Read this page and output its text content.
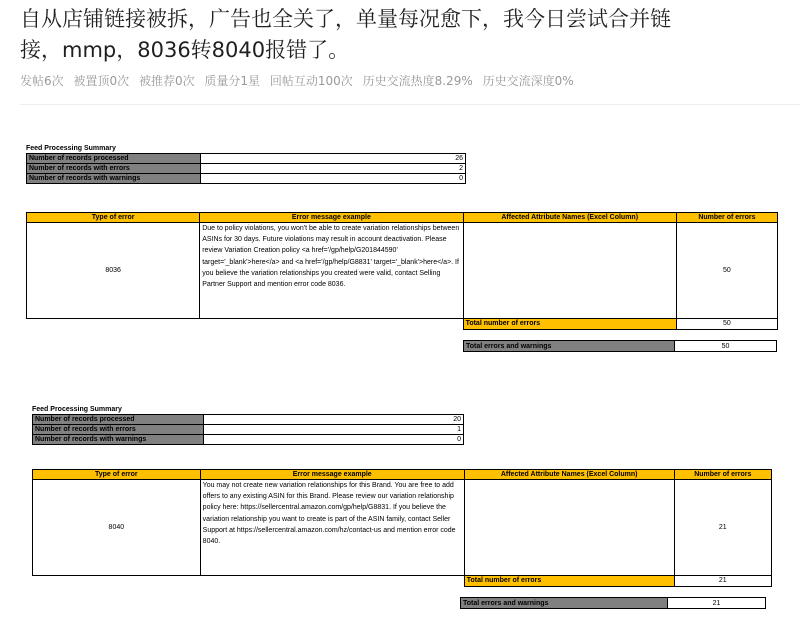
自从店铺链接被拆，广告也全关了，单量每况愈下，我今日尝试合并链接，mmp，8036转8040报错了。
发帖6次 被置顶0次 被推荐0次 质量分1星 回帖互动100次 历史交流热度8.29% 历史交流深度0%
Feed Processing Summary
Number of records processed	26
Number of records with errors	2
Number of records with warnings	0
Type of error	Error message example	Affected Attribute Names (Excel Column)	Number of errors
8036	Due to policy violations, you won't be able to create variation relationships between ASINs for 30 days. Future violations may result in account deactivation. Please review Variation Creation policy <a href='/gp/help/G201844590' target='_blank'>here</a> and <a href='/gp/help/G8831' target='_blank'>here</a>. If you believe the variation relationships you created were valid, contact Selling Partner Support and mention error code 8036.		50
		Total number of errors	50
Total errors and warnings	50
Feed Processing Summary
Number of records processed	20
Number of records with errors	1
Number of records with warnings	0
Type of error	Error message example	Affected Attribute Names (Excel Column)	Number of errors
8040	You may not create new variation relationships for this Brand. You are free to add offers to any existing ASIN for this Brand. Please review our variation relationship policy here: https://sellercentral.amazon.com/gp/help/G8831. If you believe the variation relationship you want to create is part of the ASIN family, contact Seller Support at https://sellercentral.amazon.com/hz/contact-us and mention error code 8040.		21
		Total number of errors	21
Total errors and warnings	21
